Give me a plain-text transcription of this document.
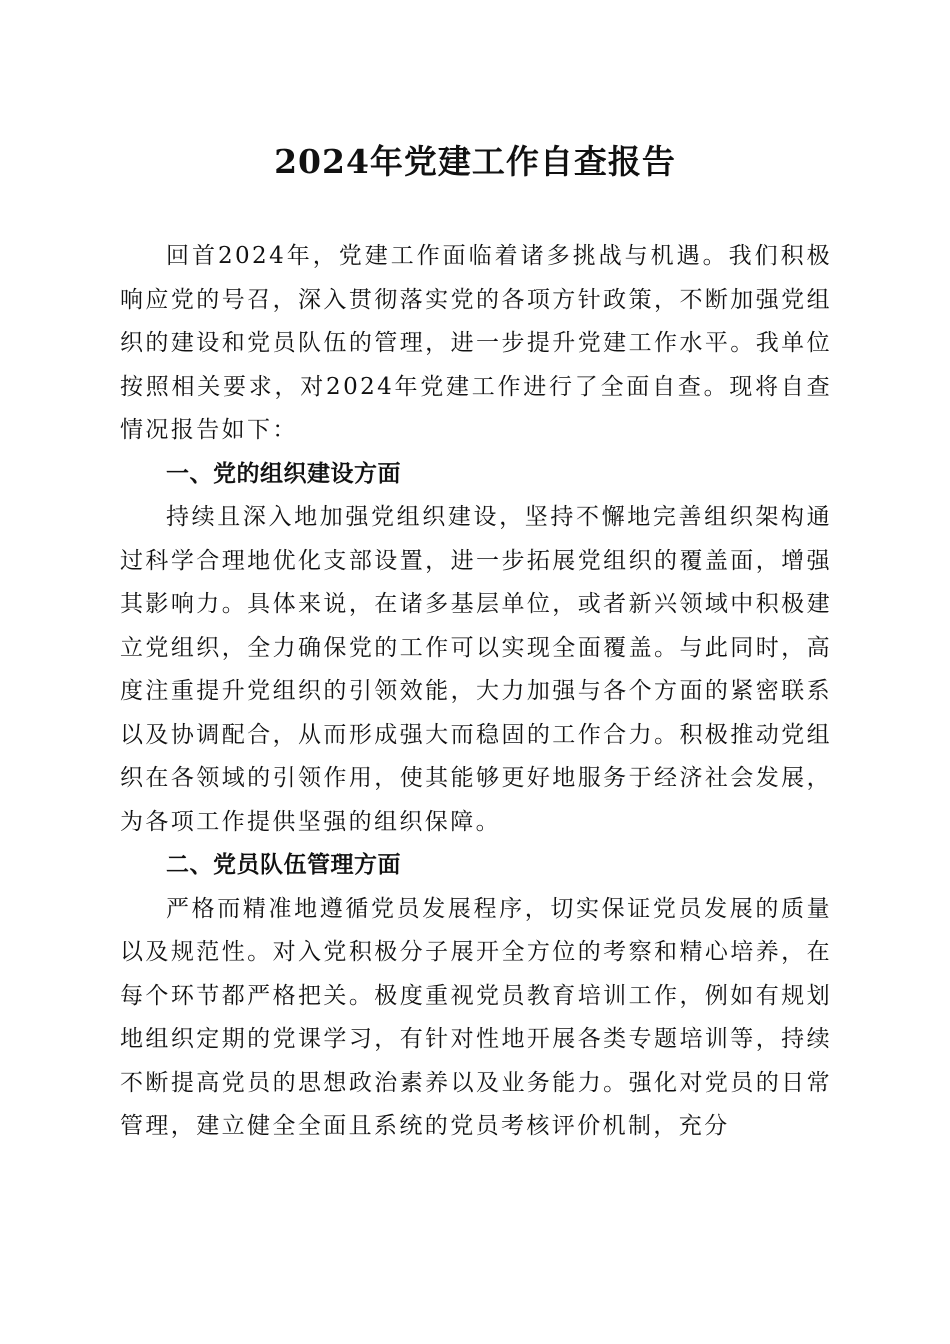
2024年党建工作自查报告

回首2024年，党建工作面临着诸多挑战与机遇。我们积极响应党的号召，深入贯彻落实党的各项方针政策，不断加强党组织的建设和党员队伍的管理，进一步提升党建工作水平。我单位按照相关要求，对2024年党建工作进行了全面自查。现将自查情况报告如下：

一、党的组织建设方面

持续且深入地加强党组织建设，坚持不懈地完善组织架构通过科学合理地优化支部设置，进一步拓展党组织的覆盖面，增强其影响力。具体来说，在诸多基层单位，或者新兴领域中积极建立党组织，全力确保党的工作可以实现全面覆盖。与此同时，高度注重提升党组织的引领效能，大力加强与各个方面的紧密联系以及协调配合，从而形成强大而稳固的工作合力。积极推动党组织在各领域的引领作用，使其能够更好地服务于经济社会发展，为各项工作提供坚强的组织保障。

二、党员队伍管理方面

严格而精准地遵循党员发展程序，切实保证党员发展的质量以及规范性。对入党积极分子展开全方位的考察和精心培养，在每个环节都严格把关。极度重视党员教育培训工作，例如有规划地组织定期的党课学习，有针对性地开展各类专题培训等，持续不断提高党员的思想政治素养以及业务能力。强化对党员的日常管理，建立健全全面且系统的党员考核评价机制，充分
